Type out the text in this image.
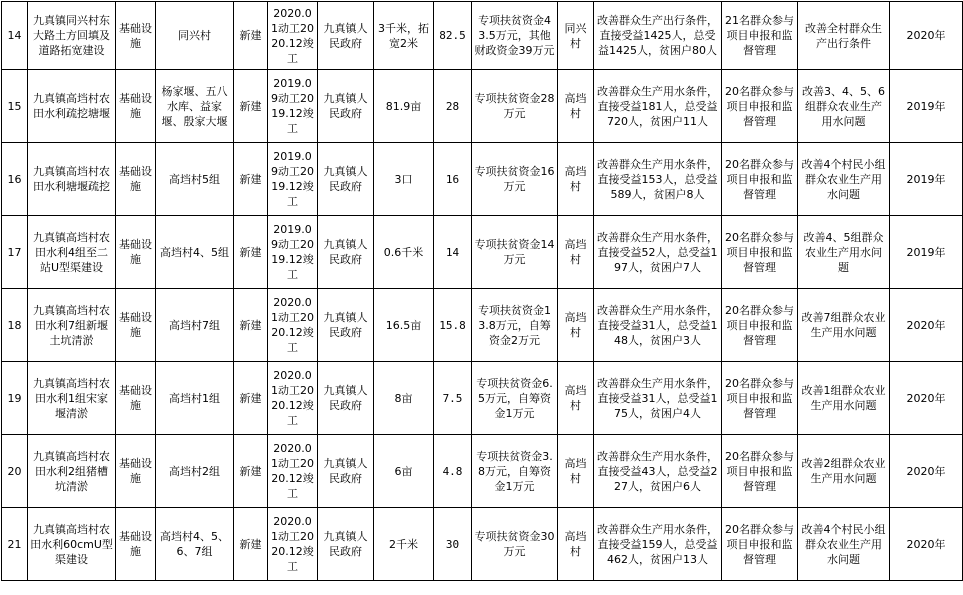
14	九真镇同兴村东大路土方回填及道路拓宽建设	基础设施	同兴村	新建	2020.01动工2020.12竣工	九真镇人民政府	3千米，拓宽2米	82.5	专项扶贫资金43.5万元，其他财政资金39万元	同兴村	改善群众生产出行条件，直接受益1425人，总受益1425人，贫困户80人	21名群众参与项目申报和监督管理	改善全村群众生产出行条件	2020年
15	九真镇高垱村农田水利疏挖塘堰	基础设施	杨家堰、五八水库、益家堰、殷家大堰	新建	2019.09动工2019.12竣工	九真镇人民政府	81.9亩	28	专项扶贫资金28万元	高垱村	改善群众生产用水条件，直接受益181人，总受益720人，贫困户11人	20名群众参与项目申报和监督管理	改善3、4、5、6组群众农业生产用水问题	2019年
16	九真镇高垱村农田水利塘堰疏挖	基础设施	高垱村5组	新建	2019.09动工2019.12竣工	九真镇人民政府	3口	16	专项扶贫资金16万元	高垱村	改善群众生产用水条件，直接受益153人，总受益589人，贫困户8人	20名群众参与项目申报和监督管理	改善4个村民小组群众农业生产用水问题	2019年
17	九真镇高垱村农田水利4组至二站U型渠建设	基础设施	高垱村4、5组	新建	2019.09动工2019.12竣工	九真镇人民政府	0.6千米	14	专项扶贫资金14万元	高垱村	改善群众生产用水条件，直接受益52人，总受益197人，贫困户7人	20名群众参与项目申报和监督管理	改善4、5组群众农业生产用水问题	2019年
18	九真镇高垱村农田水利7组新堰土坑清淤	基础设施	高垱村7组	新建	2020.01动工2020.12竣工	九真镇人民政府	16.5亩	15.8	专项扶贫资金13.8万元，自筹资金2万元	高垱村	改善群众生产用水条件，直接受益31人，总受益148人，贫困户3人	20名群众参与项目申报和监督管理	改善7组群众农业生产用水问题	2020年
19	九真镇高垱村农田水利1组宋家堰清淤	基础设施	高垱村1组	新建	2020.01动工2020.12竣工	九真镇人民政府	8亩	7.5	专项扶贫资金6.5万元，自筹资金1万元	高垱村	改善群众生产用水条件，直接受益31人，总受益175人，贫困户4人	20名群众参与项目申报和监督管理	改善1组群众农业生产用水问题	2020年
20	九真镇高垱村农田水利2组猪槽坑清淤	基础设施	高垱村2组	新建	2020.01动工2020.12竣工	九真镇人民政府	6亩	4.8	专项扶贫资金3.8万元，自筹资金1万元	高垱村	改善群众生产用水条件，直接受益43人，总受益227人，贫困户6人	20名群众参与项目申报和监督管理	改善2组群众农业生产用水问题	2020年
21	九真镇高垱村农田水利60cmU型渠建设	基础设施	高垱村4、5、6、7组	新建	2020.01动工2020.12竣工	九真镇人民政府	2千米	30	专项扶贫资金30万元	高垱村	改善群众生产用水条件，直接受益159人，总受益462人，贫困户13人	20名群众参与项目申报和监督管理	改善4个村民小组群众农业生产用水问题	2020年
